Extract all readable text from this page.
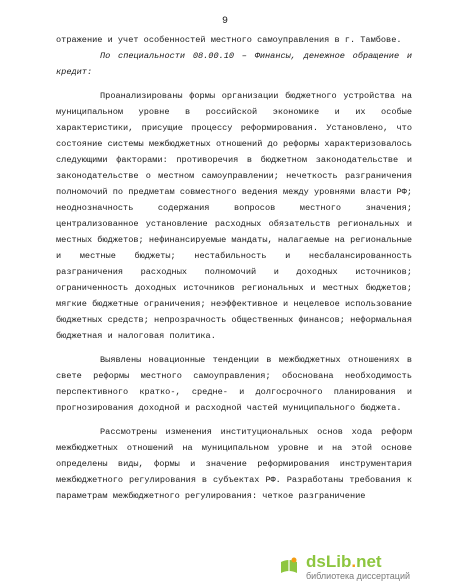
9

отражение и учет особенностей местного самоуправления в г. Тамбове.

По специальности 08.00.10 – Финансы, денежное обращение и кредит:

Проанализированы формы организации бюджетного устройства на муниципальном уровне в российской экономике и их особые характеристики, присущие процессу реформирования. Установлено, что состояние системы межбюджетных отношений до реформы характеризовалось следующими факторами: противоречия в бюджетном законодательстве и законодательстве о местном самоуправлении; нечеткость разграничения полномочий по предметам совместного ведения между уровнями власти РФ; неоднозначность содержания вопросов местного значения; централизованное установление расходных обязательств региональных и местных бюджетов; нефинансируемые мандаты, налагаемые на региональные и местные бюджеты; нестабильность и несбалансированность разграничения расходных полномочий и доходных источников; ограниченность доходных источников региональных и местных бюджетов; мягкие бюджетные ограничения; неэффективное и нецелевое использование бюджетных средств; непрозрачность общественных финансов; неформальная бюджетная и налоговая политика.

Выявлены новационные тенденции в межбюджетных отношениях в свете реформы местного самоуправления; обоснована необходимость перспективного кратко-, средне- и долгосрочного планирования и прогнозирования доходной и расходной частей муниципального бюджета.

Рассмотрены изменения институциональных основ хода реформ межбюджетных отношений на муниципальном уровне и на этой основе определены виды, формы и значение реформирования инструментария межбюджетного регулирования в субъектах РФ. Разработаны требования к параметрам межбюджетного регулирования: четкое разграничение

dsLib.net
библиотека диссертаций
